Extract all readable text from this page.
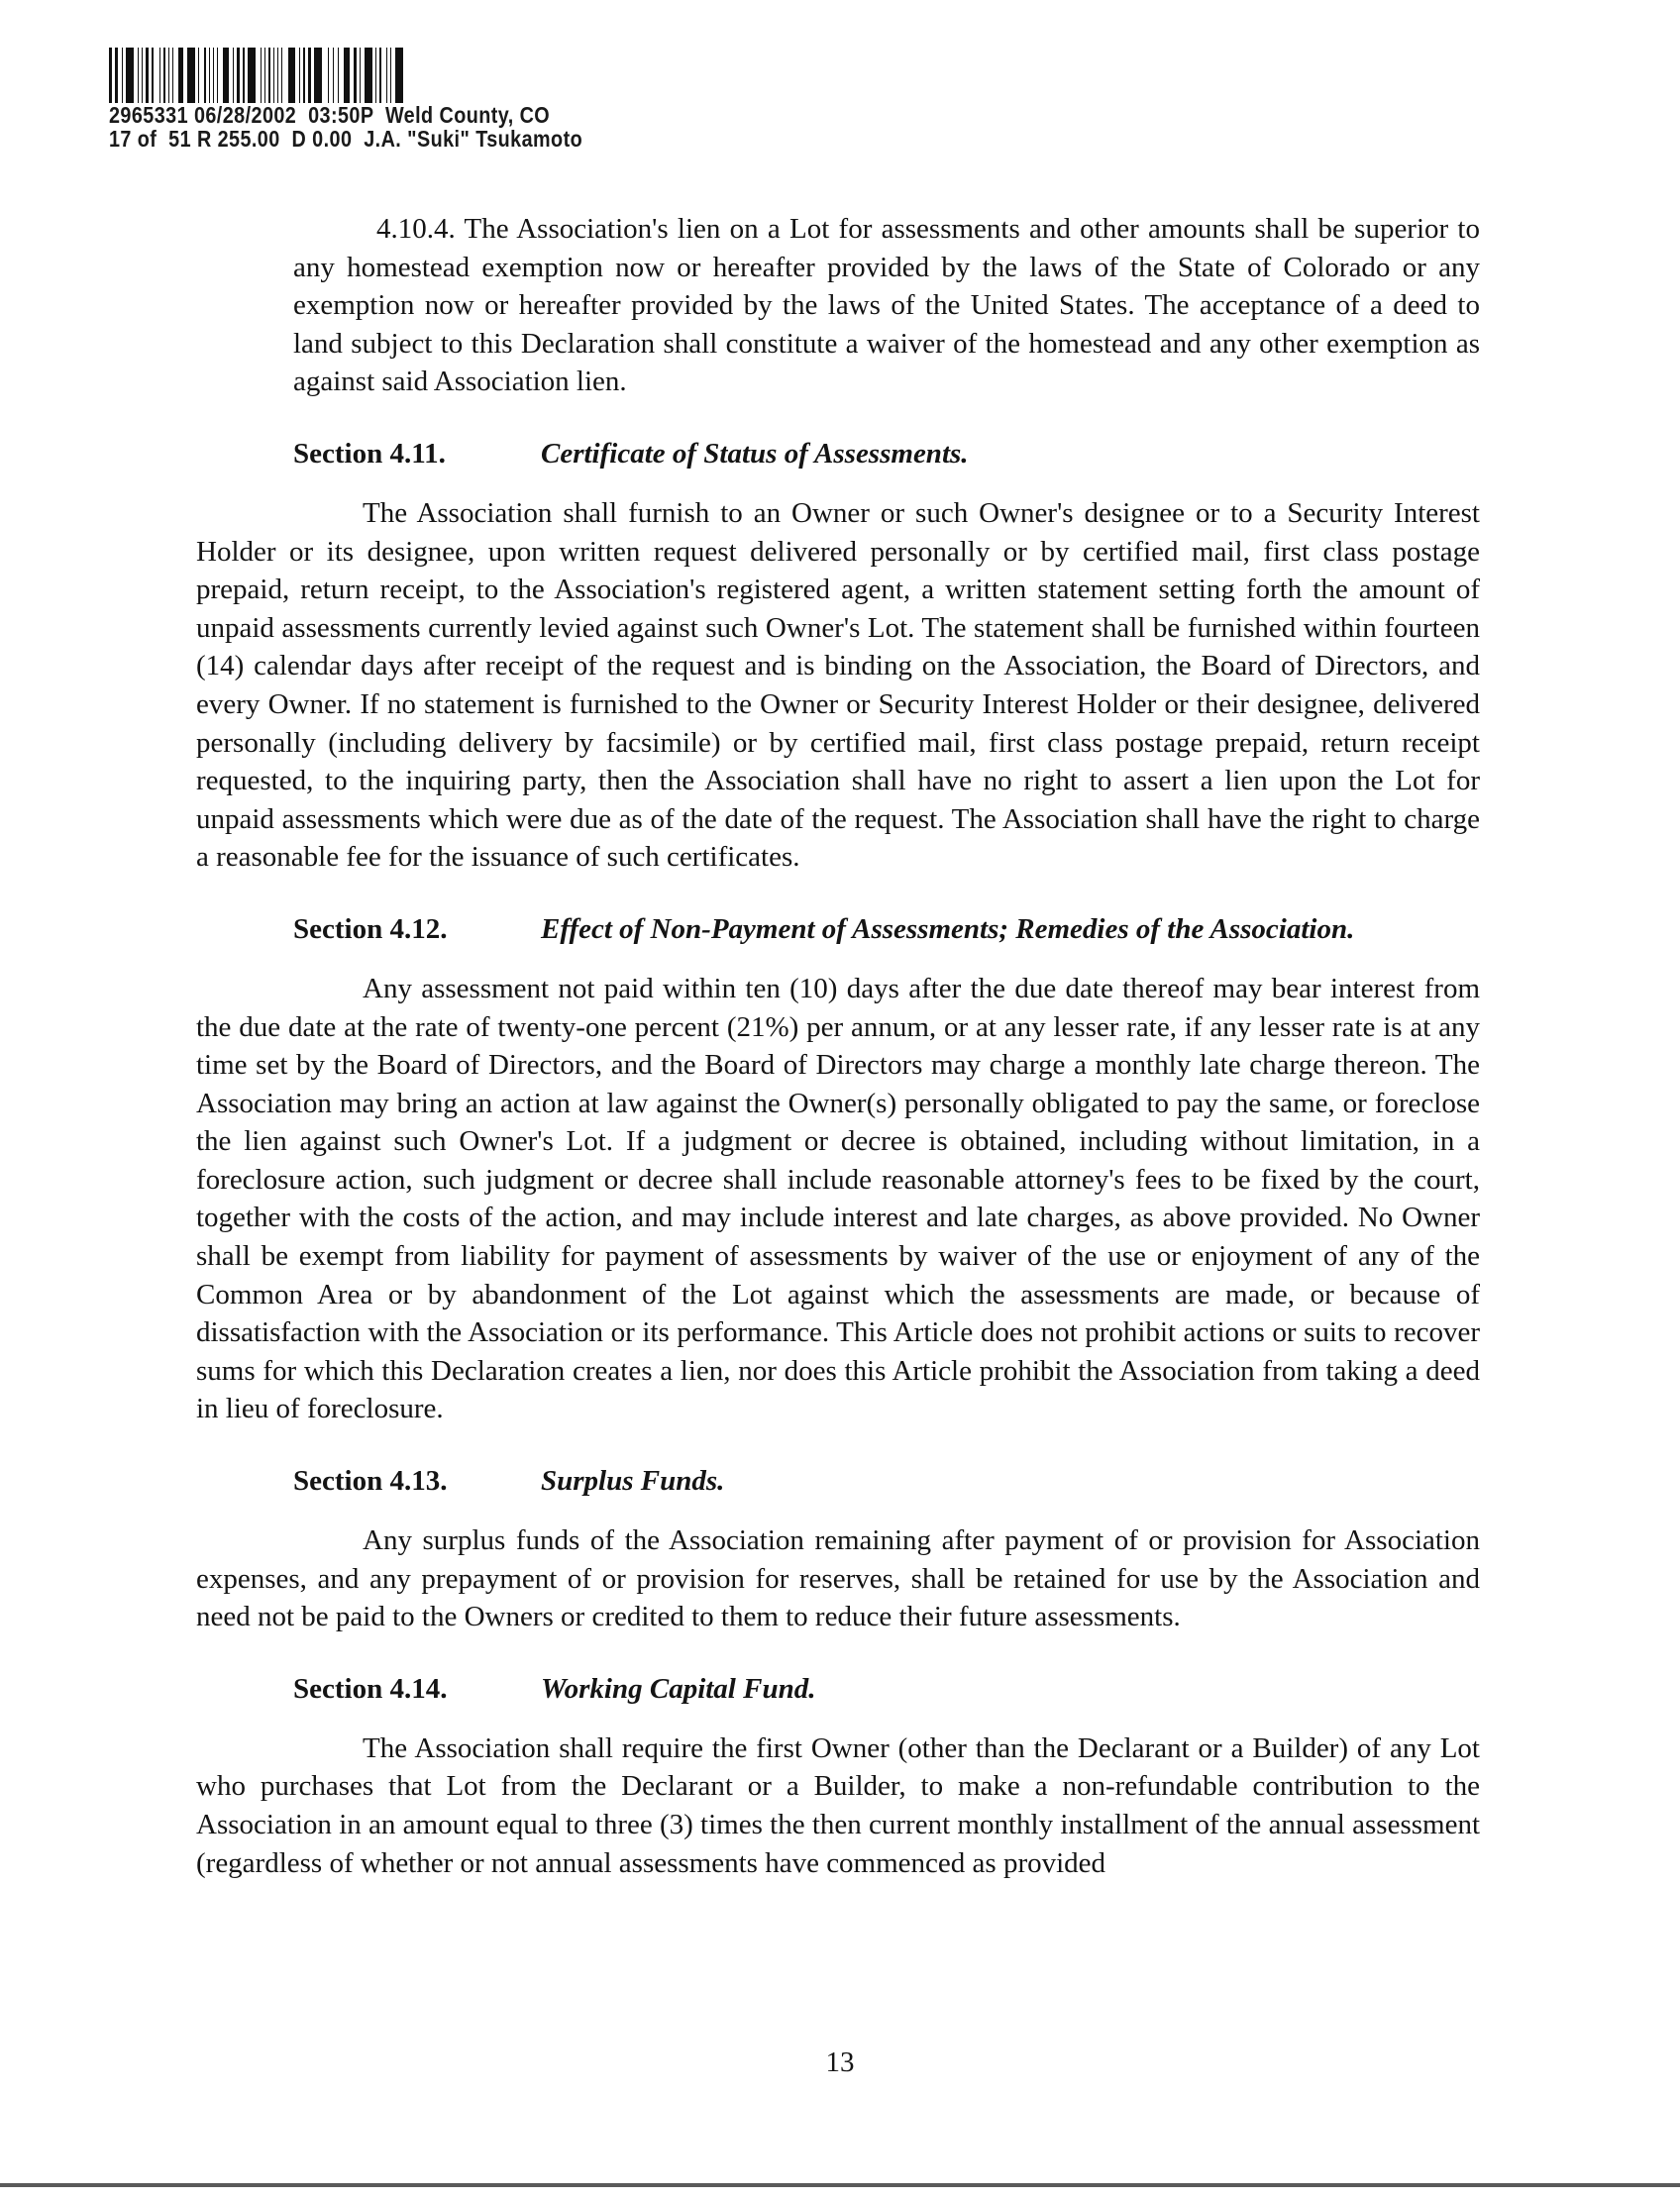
2965331 06/28/2002  03:50P  Weld County, CO
17 of  51 R 255.00  D 0.00  J.A. "Suki" Tsukamoto

4.10.4. The Association's lien on a Lot for assessments and other amounts shall be superior to any homestead exemption now or hereafter provided by the laws of the State of Colorado or any exemption now or hereafter provided by the laws of the United States. The acceptance of a deed to land subject to this Declaration shall constitute a waiver of the homestead and any other exemption as against said Association lien.

Section 4.11.	Certificate of Status of Assessments.

The Association shall furnish to an Owner or such Owner's designee or to a Security Interest Holder or its designee, upon written request delivered personally or by certified mail, first class postage prepaid, return receipt, to the Association's registered agent, a written statement setting forth the amount of unpaid assessments currently levied against such Owner's Lot. The statement shall be furnished within fourteen (14) calendar days after receipt of the request and is binding on the Association, the Board of Directors, and every Owner. If no statement is furnished to the Owner or Security Interest Holder or their designee, delivered personally (including delivery by facsimile) or by certified mail, first class postage prepaid, return receipt requested, to the inquiring party, then the Association shall have no right to assert a lien upon the Lot for unpaid assessments which were due as of the date of the request. The Association shall have the right to charge a reasonable fee for the issuance of such certificates.

Section 4.12.	Effect of Non-Payment of Assessments; Remedies of the Association.

Any assessment not paid within ten (10) days after the due date thereof may bear interest from the due date at the rate of twenty-one percent (21%) per annum, or at any lesser rate, if any lesser rate is at any time set by the Board of Directors, and the Board of Directors may charge a monthly late charge thereon. The Association may bring an action at law against the Owner(s) personally obligated to pay the same, or foreclose the lien against such Owner's Lot. If a judgment or decree is obtained, including without limitation, in a foreclosure action, such judgment or decree shall include reasonable attorney's fees to be fixed by the court, together with the costs of the action, and may include interest and late charges, as above provided. No Owner shall be exempt from liability for payment of assessments by waiver of the use or enjoyment of any of the Common Area or by abandonment of the Lot against which the assessments are made, or because of dissatisfaction with the Association or its performance. This Article does not prohibit actions or suits to recover sums for which this Declaration creates a lien, nor does this Article prohibit the Association from taking a deed in lieu of foreclosure.

Section 4.13.	Surplus Funds.

Any surplus funds of the Association remaining after payment of or provision for Association expenses, and any prepayment of or provision for reserves, shall be retained for use by the Association and need not be paid to the Owners or credited to them to reduce their future assessments.

Section 4.14.	Working Capital Fund.

The Association shall require the first Owner (other than the Declarant or a Builder) of any Lot who purchases that Lot from the Declarant or a Builder, to make a non-refundable contribution to the Association in an amount equal to three (3) times the then current monthly installment of the annual assessment (regardless of whether or not annual assessments have commenced as provided

13
